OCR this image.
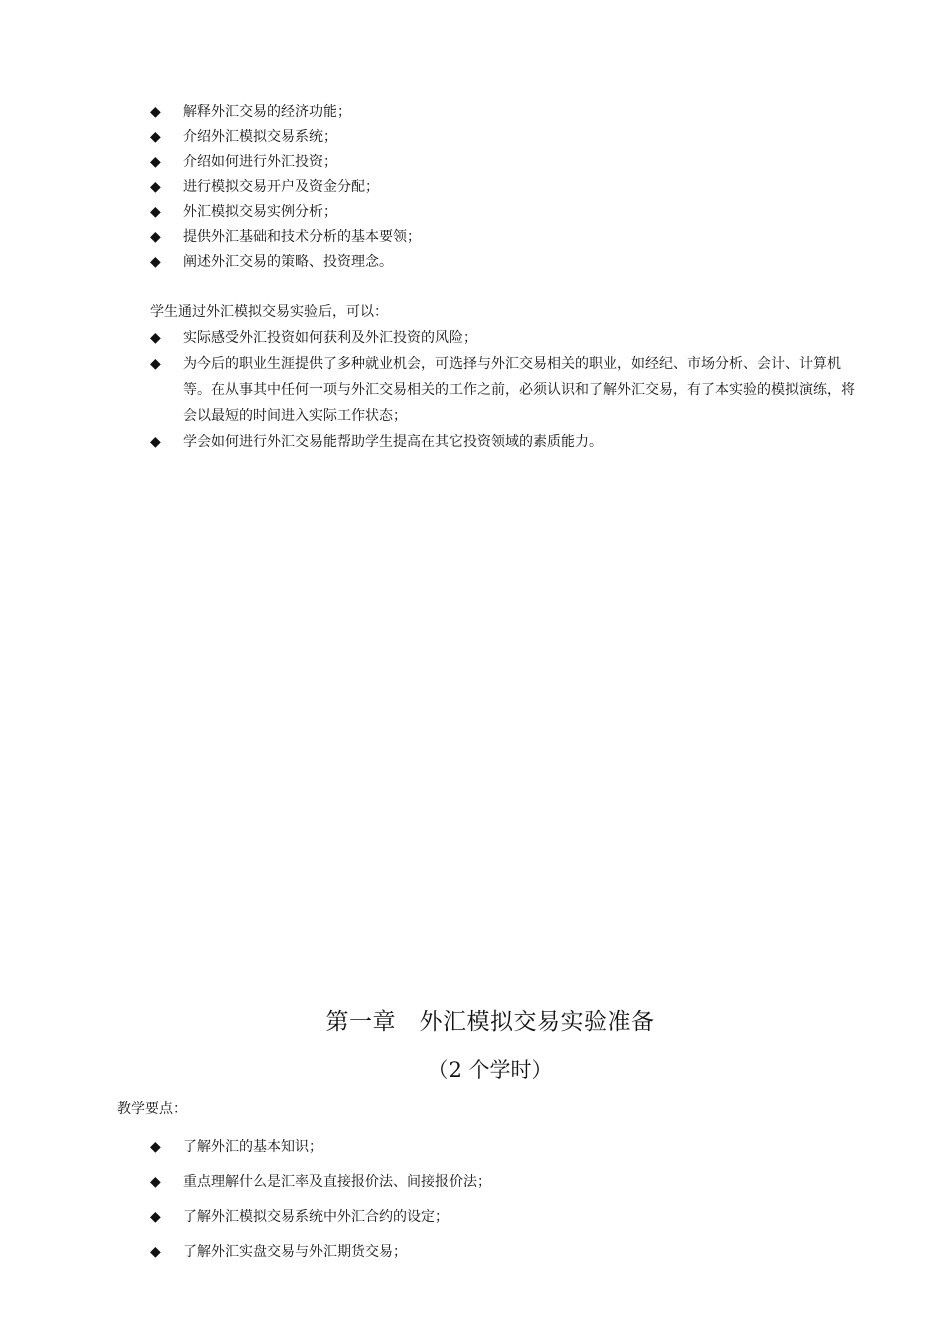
◆ 解释外汇交易的经济功能；
◆ 介绍外汇模拟交易系统；
◆ 介绍如何进行外汇投资；
◆ 进行模拟交易开户及资金分配；
◆ 外汇模拟交易实例分析；
◆ 提供外汇基础和技术分析的基本要领；
◆ 阐述外汇交易的策略、投资理念。
学生通过外汇模拟交易实验后，可以：
◆ 实际感受外汇投资如何获利及外汇投资的风险；
◆ 为今后的职业生涯提供了多种就业机会，可选择与外汇交易相关的职业，如经纪、市场分析、会计、计算机等。在从事其中任何一项与外汇交易相关的工作之前，必须认识和了解外汇交易，有了本实验的模拟演练，将会以最短的时间进入实际工作状态；
◆ 学会如何进行外汇交易能帮助学生提高在其它投资领域的素质能力。
第一章　外汇模拟交易实验准备
（2 个学时）
教学要点：
◆ 了解外汇的基本知识；
◆ 重点理解什么是汇率及直接报价法、间接报价法；
◆ 了解外汇模拟交易系统中外汇合约的设定；
◆ 了解外汇实盘交易与外汇期货交易；
